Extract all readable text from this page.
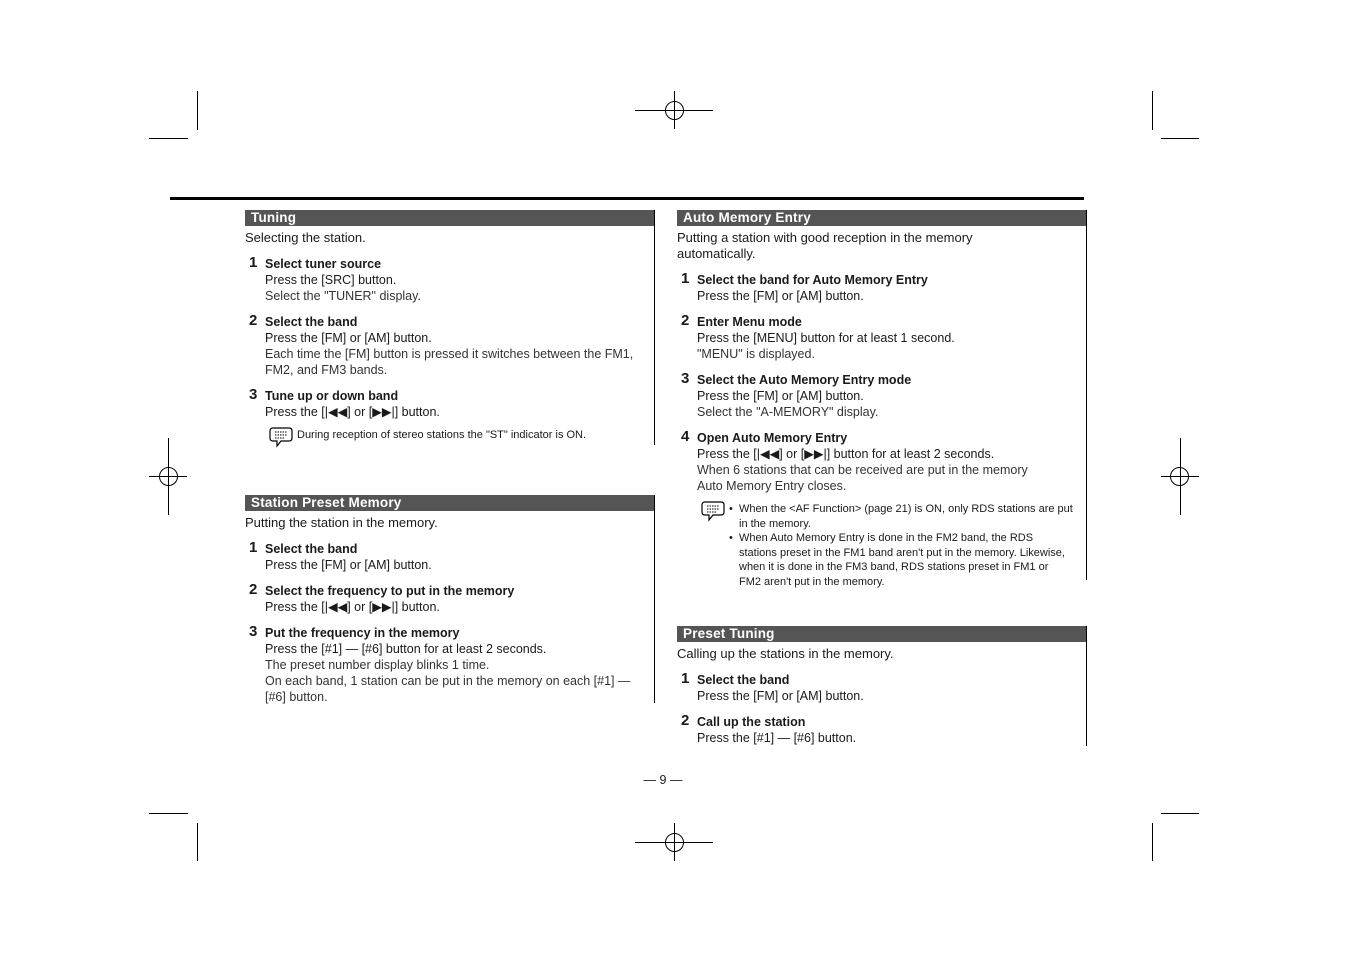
Tuning
Selecting the station.
1 Select tuner source
Press the [SRC] button.
Select the "TUNER" display.
2 Select the band
Press the [FM] or [AM] button.
Each time the [FM] button is pressed it switches between the FM1, FM2, and FM3 bands.
3 Tune up or down band
Press the [|◀◀] or [▶▶|] button.
During reception of stereo stations the "ST" indicator is ON.
Station Preset Memory
Putting the station in the memory.
1 Select the band
Press the [FM] or [AM] button.
2 Select the frequency to put in the memory
Press the [|◀◀] or [▶▶|] button.
3 Put the frequency in the memory
Press the [#1] — [#6] button for at least 2 seconds.
The preset number display blinks 1 time.
On each band, 1 station can be put in the memory on each [#1] — [#6] button.
Auto Memory Entry
Putting a station with good reception in the memory automatically.
1 Select the band for Auto Memory Entry
Press the [FM] or [AM] button.
2 Enter Menu mode
Press the [MENU] button for at least 1 second.
"MENU" is displayed.
3 Select the Auto Memory Entry mode
Press the [FM] or [AM] button.
Select the "A-MEMORY" display.
4 Open Auto Memory Entry
Press the [|◀◀] or [▶▶|] button for at least 2 seconds.
When 6 stations that can be received are put in the memory Auto Memory Entry closes.
• When the <AF Function> (page 21) is ON, only RDS stations are put in the memory.
• When Auto Memory Entry is done in the FM2 band, the RDS stations preset in the FM1 band aren't put in the memory. Likewise, when it is done in the FM3 band, RDS stations preset in FM1 or FM2 aren't put in the memory.
Preset Tuning
Calling up the stations in the memory.
1 Select the band
Press the [FM] or [AM] button.
2 Call up the station
Press the [#1] — [#6] button.
— 9 —
